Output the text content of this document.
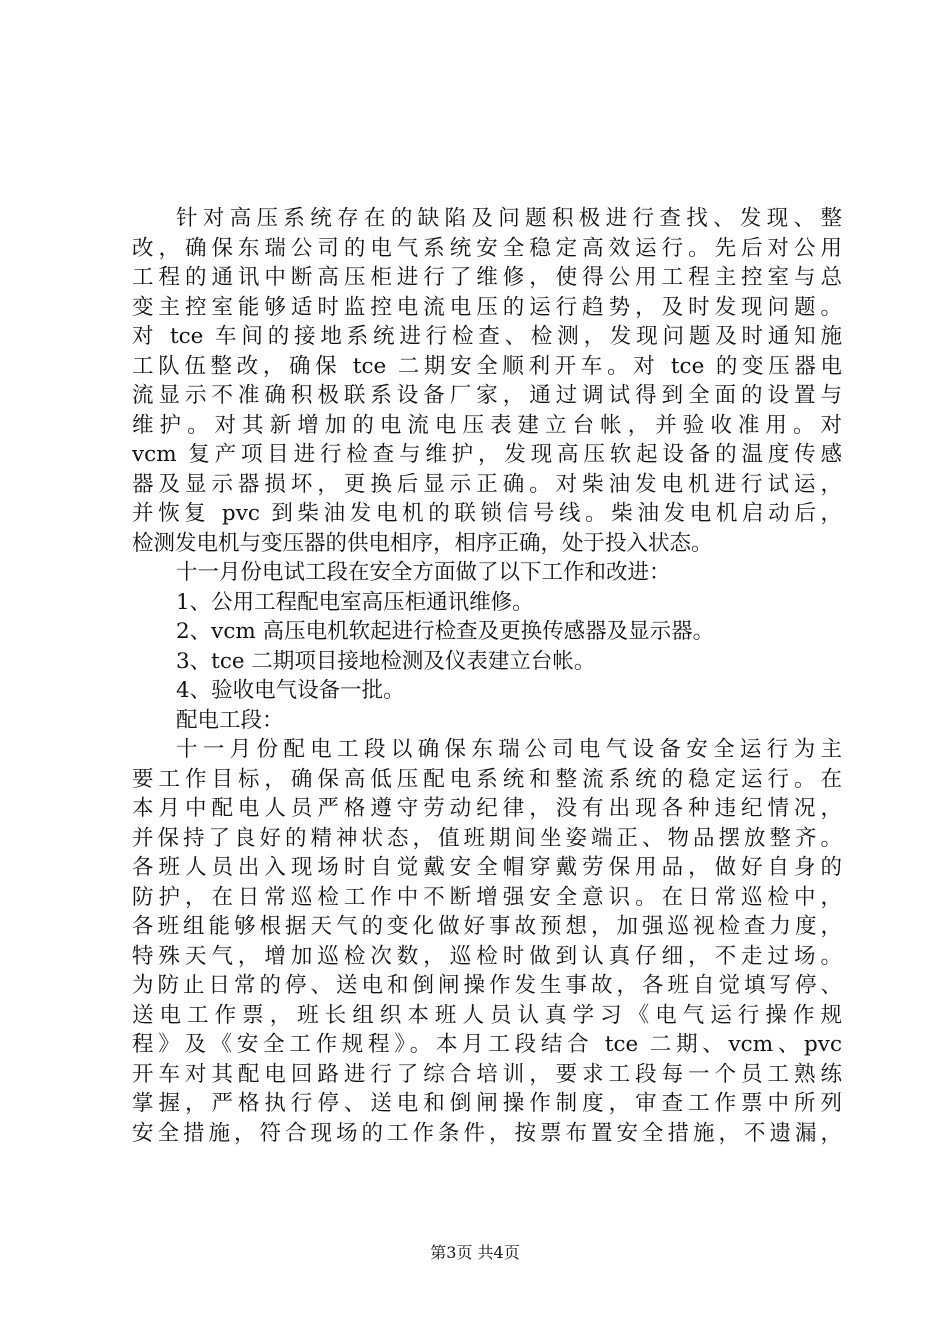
针对高压系统存在的缺陷及问题积极进行查找、发现、整
改，确保东瑞公司的电气系统安全稳定高效运行。先后对公用
工程的通讯中断高压柜进行了维修，使得公用工程主控室与总
变主控室能够适时监控电流电压的运行趋势，及时发现问题。
对 tce 车间的接地系统进行检查、检测，发现问题及时通知施
工队伍整改，确保 tce 二期安全顺利开车。对 tce 的变压器电
流显示不准确积极联系设备厂家，通过调试得到全面的设置与
维护。对其新增加的电流电压表建立台帐，并验收准用。对
vcm 复产项目进行检查与维护，发现高压软起设备的温度传感
器及显示器损坏，更换后显示正确。对柴油发电机进行试运，
并恢复 pvc 到柴油发电机的联锁信号线。柴油发电机启动后，
检测发电机与变压器的供电相序，相序正确，处于投入状态。
十一月份电试工段在安全方面做了以下工作和改进：
1、公用工程配电室高压柜通讯维修。
2、vcm 高压电机软起进行检查及更换传感器及显示器。
3、tce 二期项目接地检测及仪表建立台帐。
4、验收电气设备一批。
配电工段：
十一月份配电工段以确保东瑞公司电气设备安全运行为主
要工作目标，确保高低压配电系统和整流系统的稳定运行。在
本月中配电人员严格遵守劳动纪律，没有出现各种违纪情况，
并保持了良好的精神状态，值班期间坐姿端正、物品摆放整齐。
各班人员出入现场时自觉戴安全帽穿戴劳保用品，做好自身的
防护，在日常巡检工作中不断增强安全意识。在日常巡检中，
各班组能够根据天气的变化做好事故预想，加强巡视检查力度，
特殊天气，增加巡检次数，巡检时做到认真仔细，不走过场。
为防止日常的停、送电和倒闸操作发生事故，各班自觉填写停、
送电工作票，班长组织本班人员认真学习《电气运行操作规
程》及《安全工作规程》。本月工段结合 tce 二期、vcm、pvc
开车对其配电回路进行了综合培训，要求工段每一个员工熟练
掌握，严格执行停、送电和倒闸操作制度，审查工作票中所列
安全措施，符合现场的工作条件，按票布置安全措施，不遗漏，
第3页 共4页
